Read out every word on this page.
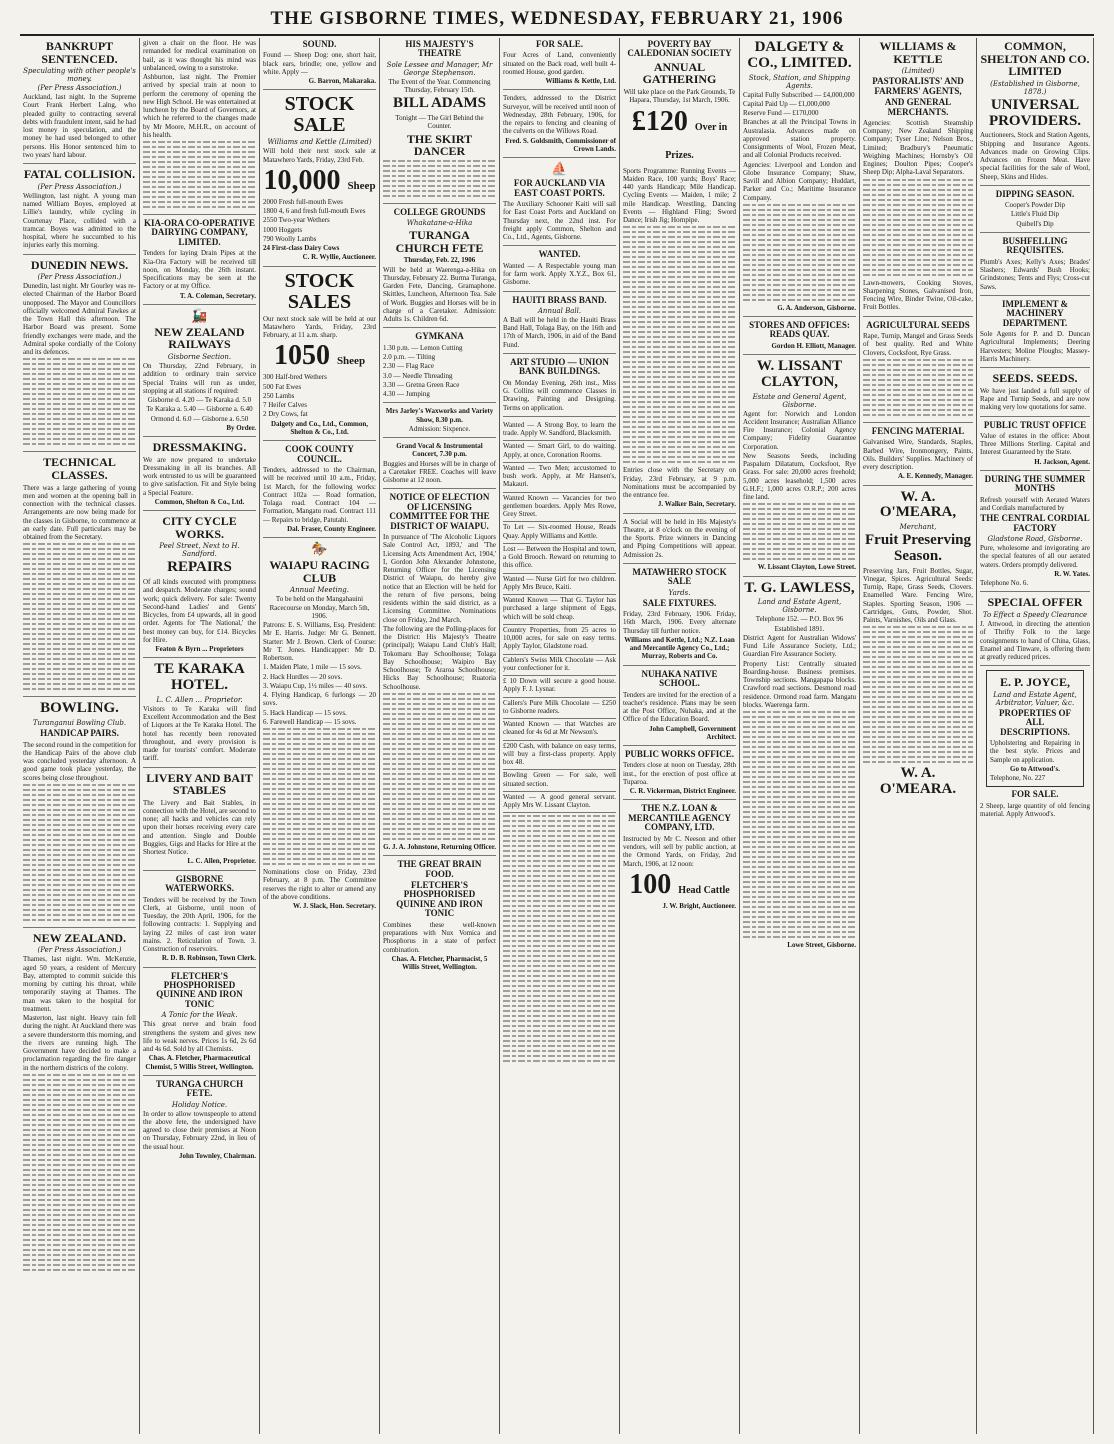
THE GISBORNE TIMES, WEDNESDAY, FEBRUARY 21, 1906
BANKRUPT SENTENCED.
Speculating with other people's money.
(Per Press Association.)
Auckland, last night. In the Supreme Court Frank Herbert Lalng, who pleaded guilty to contracting several debts with fraudulent intent, said he had lost money in speculation, and the money he had used belonged to other persons. His Honor sentenced him to two years' hard labour.
FATAL COLLISION.
(Per Press Association.)
Wellington, last night. A young man named William Boyes, employed at Lillie's laundry, while cycling in Courtenay Place, collided with a tramcar. Boyes was admitted to the hospital, where he succumbed to his injuries early this morning.
DUNEDIN NEWS.
(Per Press Association.)
Dunedin, last night. Mr Gourley was re-elected Chairman of the Harbor Board unopposed. The Mayor and Councillors officially welcomed Admiral Fawkes at the Town Hall this afternoon. The Harbor Board was present. Some friendly exchanges were made, and the Admiral spoke cordially of the Colony and its defences.
TECHNICAL CLASSES.
There was a large gathering of young men and women at the opening ball in connection with the technical classes. Arrangements are now being made for the classes in Gisborne, to commence at an early date. Full particulars may be obtained from the Secretary.
BOWLING.
Turanganui Bowling Club.
HANDICAP PAIRS.
The second round in the competition for the Handicap Pairs of the above club was concluded yesterday afternoon. A good game took place yesterday, the scores being close throughout.
NEW ZEALAND.
(Per Press Association.)
Thames, last night. Wm. McKenzie, aged 50 years, a resident of Mercury Bay, attempted to commit suicide this morning by cutting his throat, while temporarily staying at Thames. The man was taken to the hospital for treatment.
Masterton, last night. Heavy rain fell during the night. At Auckland there was a severe thunderstorm this morning, and the rivers are running high. The Government have decided to make a proclamation regarding the fire danger in the northern districts of the colony.
given a chair on the floor. He was remanded for medical examination on bail, as it was thought his mind was unbalanced, owing to a sunstroke.
Ashburton, last night. The Premier arrived by special train at noon to perform the ceremony of opening the new High School. He was entertained at luncheon by the Board of Governors, at which he referred to the changes made by Mr Moore, M.H.R., on account of his health.
KIA-ORA CO-OPERATIVE DAIRYING COMPANY, LIMITED.
Tenders for laying Drain Pipes at the Kia-Ora Factory will be received till noon, on Monday, the 26th instant. Specifications may be seen at the Factory or at my Office.
T. A. Coleman, Secretary.
🚂
NEW ZEALAND RAILWAYS
Gisborne Section.
On Thursday, 22nd February, in addition to ordinary train service Special Trains will run as under, stopping at all stations if required:
Gisborne d. 4.20 — Te Karaka d. 5.0
Te Karaka a. 5.40 — Gisborne a. 6.40
Ormond d. 6.0 — Gisborne a. 6.50
By Order.
DRESSMAKING.
We are now prepared to undertake Dressmaking in all its branches. All work entrusted to us will be guaranteed to give satisfaction. Fit and Style being a Special Feature.
Common, Shelton & Co., Ltd.
CITY CYCLE WORKS.
Peel Street, Next to H. Sandford.
REPAIRS
Of all kinds executed with promptness and despatch. Moderate charges; sound work; quick delivery. For sale: Twenty Second-hand Ladies' and Gents' Bicycles, from £4 upwards, all in good order. Agents for 'The National,' the best money can buy, for £14. Bicycles for Hire.
Featon & Byrn ... Proprietors
TE KARAKA HOTEL.
L. C. Allen ... Proprietor.
Visitors to Te Karaka will find Excellent Accommodation and the Best of Liquors at the Te Karaka Hotel. The hotel has recently been renovated throughout, and every provision is made for tourists' comfort. Moderate tariff.
LIVERY AND BAIT STABLES
The Livery and Bait Stables, in connection with the Hotel, are second to none; all hacks and vehicles can rely upon their horses receiving every care and attention. Single and Double Buggies, Gigs and Hacks for Hire at the Shortest Notice.
L. C. Allen, Proprietor.
GISBORNE WATERWORKS.
Tenders will be received by the Town Clerk, at Gisborne, until noon of Tuesday, the 20th April, 1906, for the following contracts: 1. Supplying and laying 22 miles of cast iron water mains. 2. Reticulation of Town. 3. Construction of reservoirs.
R. D. B. Robinson, Town Clerk.
FLETCHER'S PHOSPHORISED QUININE AND IRON TONIC
A Tonic for the Weak.
This great nerve and brain food strengthens the system and gives new life to weak nerves. Prices 1s 6d, 2s 6d and 4s 6d. Sold by all Chemists.
Chas. A. Fletcher, Pharmaceutical Chemist, 5 Willis Street, Wellington.
TURANGA CHURCH FETE.
Holiday Notice.
In order to allow townspeople to attend the above fete, the undersigned have agreed to close their premises at Noon on Thursday, February 22nd, in lieu of the usual hour.
John Townley, Chairman.
SOUND.
Found — Sheep Dog: one, short hair, black ears, brindle; one, yellow and white. Apply —
G. Barron, Makaraka.
STOCK SALE
Williams and Kettle (Limited)
Will hold their next stock sale at Matawhero Yards, Friday, 23rd Feb.
10,000 Sheep
2000 Fresh full-mouth Ewes
1800 4, 6 and fresh full-mouth Ewes
2550 Two-year Wethers
1000 Hoggets
790 Woolly Lambs
24 First-class Dairy Cows
C. R. Wyllie, Auctioneer.
STOCK SALES
Our next stock sale will be held at our Matawhero Yards, Friday, 23rd February, at 11 a.m. sharp.
1050 Sheep
300 Half-bred Wethers
500 Fat Ewes
250 Lambs
7 Heifer Calves
2 Dry Cows, fat
Dalgety and Co., Ltd., Common, Shelton & Co., Ltd.
COOK COUNTY COUNCIL.
Tenders, addressed to the Chairman, will be received until 10 a.m., Friday, 1st March, for the following works: Contract 102a — Road formation, Tolaga road. Contract 104 — Formation, Mangatu road. Contract 111 — Repairs to bridge, Patutahi.
Dal. Fraser, County Engineer.
🏇
WAIAPU RACING CLUB
Annual Meeting.
To be held on the Mangahauini Racecourse on Monday, March 5th, 1906.
Patrons: E. S. Williams, Esq. President: Mr E. Harris. Judge: Mr G. Bennett. Starter: Mr J. Brown. Clerk of Course: Mr T. Jones. Handicapper: Mr D. Robertson.
1. Maiden Plate, 1 mile — 15 sovs.
2. Hack Hurdles — 20 sovs.
3. Waiapu Cup, 1½ miles — 40 sovs.
4. Flying Handicap, 6 furlongs — 20 sovs.
5. Hack Handicap — 15 sovs.
6. Farewell Handicap — 15 sovs.
Nominations close on Friday, 23rd February, at 8 p.m. The Committee reserves the right to alter or amend any of the above conditions.
W. J. Slack, Hon. Secretary.
HIS MAJESTY'S THEATRE
Sole Lessee and Manager, Mr George Stephenson.
The Event of the Year. Commencing Thursday, February 15th.
BILL ADAMS
Tonight — The Girl Behind the Counter.
THE SKIRT DANCER
COLLEGE GROUNDS
Whakatane-a-Hika
TURANGA CHURCH FETE
Thursday, Feb. 22, 1906
Will be held at Waerenga-a-Hika on Thursday, February 22. Burma Turanga, Garden Fete, Dancing, Gramaphone. Skittles, Luncheon, Afternoon Tea. Sale of Work. Buggies and Horses will be in charge of a Caretaker. Admission: Adults 1s. Children 6d.
GYMKANA
1.30 p.m. — Lemon Cutting
2.0 p.m. — Tilting
2.30 — Flag Race
3.0 — Needle Threading
3.30 — Gretna Green Race
4.30 — Jumping
Mrs Jarley's Waxworks and Variety Show, 8.30 p.m.
Admission: Sixpence.
Grand Vocal & Instrumental Concert, 7.30 p.m.
Buggies and Horses will be in charge of a Caretaker FREE. Coaches will leave Gisborne at 12 noon.
NOTICE OF ELECTION OF LICENSING COMMITTEE FOR THE DISTRICT OF WAIAPU.
In pursuance of 'The Alcoholic Liquors Sale Control Act, 1893,' and 'The Licensing Acts Amendment Act, 1904,' I, Gordon John Alexander Johnstone, Returning Officer for the Licensing District of Waiapu, do hereby give notice that an Election will be held for the return of five persons, being residents within the said district, as a Licensing Committee. Nominations close on Friday, 2nd March.
The following are the Polling-places for the District: His Majesty's Theatre (principal); Waiapu Land Club's Hall; Tokomaru Bay Schoolhouse; Tolaga Bay Schoolhouse; Waipiro Bay Schoolhouse; Te Araroa Schoolhouse; Hicks Bay Schoolhouse; Ruatoria Schoolhouse.
G. J. A. Johnstone, Returning Officer.
THE GREAT BRAIN FOOD.
FLETCHER'S PHOSPHORISED QUININE AND IRON TONIC
Combines these well-known preparations with Nux Vomica and Phosphorus in a state of perfect combination.
Chas. A. Fletcher, Pharmacist, 5 Willis Street, Wellington.
FOR SALE.
Four Acres of Land, conveniently situated on the Back road, well built 4-roomed House, good garden.
Williams & Kettle, Ltd.
Tenders, addressed to the District Surveyor, will be received until noon of Wednesday, 28th February, 1906, for the repairs to fencing and cleaning of the culverts on the Willows Road.
Fred. S. Goldsmith, Commissioner of Crown Lands.
⛵
FOR AUCKLAND VIA EAST COAST PORTS.
The Auxiliary Schooner Kaiti will sail for East Coast Ports and Auckland on Thursday next, the 22nd inst. For freight apply Common, Shelton and Co., Ltd., Agents, Gisborne.
WANTED.
Wanted — A Respectable young man for farm work. Apply X.Y.Z., Box 61, Gisborne.
HAUITI BRASS BAND.
Annual Ball.
A Ball will be held in the Hauiti Brass Band Hall, Tolaga Bay, on the 16th and 17th of March, 1906, in aid of the Band Fund.
ART STUDIO — UNION BANK BUILDINGS.
On Monday Evening, 26th inst., Miss G. Collins will commence Classes in Drawing, Painting and Designing. Terms on application.
Wanted — A Strong Boy, to learn the trade. Apply W. Sandford, Blacksmith.
Wanted — Smart Girl, to do waiting. Apply, at once, Coronation Rooms.
Wanted — Two Men; accustomed to bush work. Apply, at Mr Hansen's, Makauri.
Wanted Known — Vacancies for two gentlemen boarders. Apply Mrs Rowe, Grey Street.
To Let — Six-roomed House, Reads Quay. Apply Williams and Kettle.
Lost — Between the Hospital and town, a Gold Brooch. Reward on returning to this office.
Wanted — Nurse Girl for two children. Apply Mrs Bruce, Kaiti.
Wanted Known — That G. Taylor has purchased a large shipment of Eggs, which will be sold cheap.
Country Properties, from 25 acres to 10,000 acres, for sale on easy terms. Apply Taylor, Gladstone road.
Cablers's Swiss Milk Chocolate — Ask your confectioner for it.
£ 10 Down will secure a good house. Apply F. J. Lysnar.
Callers's Pure Milk Chocolate — £250 to Gisborne readers.
Wanted Known — that Watches are cleaned for 4s 6d at Mr Newson's.
£200 Cash, with balance on easy terms, will buy a first-class property. Apply box 48.
Bowling Green — For sale, well situated section.
Wanted — A good general servant. Apply Mrs W. Lissant Clayton.
POVERTY BAY CALEDONIAN SOCIETY
ANNUAL GATHERING
Will take place on the Park Grounds, Te Hapara, Thursday, 1st March, 1906.
£120 Over in Prizes.
Sports Programme: Running Events — Maiden Race, 100 yards; Boys' Race; 440 yards Handicap; Mile Handicap. Cycling Events — Maiden, 1 mile; 2 mile Handicap. Wrestling, Dancing Events — Highland Fling; Sword Dance; Irish Jig; Hornpipe.
Entries close with the Secretary on Friday, 23rd February, at 9 p.m. Nominations must be accompanied by the entrance fee.
J. Walker Bain, Secretary.
A Social will be held in His Majesty's Theatre, at 8 o'clock on the evening of the Sports. Prize winners in Dancing and Piping Competitions will appear. Admission 2s.
MATAWHERO STOCK SALE
Yards.
SALE FIXTURES.
Friday, 23rd February, 1906. Friday, 16th March, 1906. Every alternate Thursday till further notice.
Williams and Kettle, Ltd.; N.Z. Loan and Mercantile Agency Co., Ltd.; Murray, Roberts and Co.
NUHAKA NATIVE SCHOOL.
Tenders are invited for the erection of a teacher's residence. Plans may be seen at the Post Office, Nuhaka, and at the Office of the Education Board.
John Campbell, Government Architect.
PUBLIC WORKS OFFICE.
Tenders close at noon on Tuesday, 28th inst., for the erection of post office at Tuparoa.
C. R. Vickerman, District Engineer.
THE N.Z. LOAN & MERCANTILE AGENCY COMPANY, LTD.
Instructed by Mr C. Neeson and other vendors, will sell by public auction, at the Ormond Yards, on Friday, 2nd March, 1906, at 12 noon:
100 Head Cattle
J. W. Bright, Auctioneer.
DALGETY & CO., LIMITED.
Stock, Station, and Shipping Agents.
Capital Fully Subscribed — £4,000,000
Capital Paid Up — £1,000,000
Reserve Fund — £170,000
Branches at all the Principal Towns in Australasia. Advances made on approved station property. Consignments of Wool, Frozen Meat, and all Colonial Products received.
Agencies: Liverpool and London and Globe Insurance Company; Shaw, Savill and Albion Company; Huddart, Parker and Co.; Maritime Insurance Company.
G. A. Anderson, Gisborne.
STORES AND OFFICES: READS QUAY.
Gordon H. Elliott, Manager.
W. LISSANT CLAYTON,
Estate and General Agent, Gisborne.
Agent for: Norwich and London Accident Insurance; Australian Alliance Fire Insurance; Colonial Agency Company; Fidelity Guarantee Corporation.
New Seasons Seeds, including Paspalum Dilatatum, Cocksfoot, Rye Grass. For sale: 20,000 acres freehold; 5,000 acres leasehold; 1,500 acres G.H.F.; 1,000 acres O.R.P.; 200 acres fine land.
W. Lissant Clayton, Lowe Street.
T. G. LAWLESS,
Land and Estate Agent, Gisborne.
Telephone 152. — P.O. Box 96
Established 1891.
District Agent for Australian Widows' Fund Life Assurance Society, Ltd.; Guardian Fire Assurance Society.
Property List: Centrally situated Boarding-house. Business premises. Township sections. Mangapapa blocks. Crawford road sections. Desmond road residence. Ormond road farm. Mangatu blocks. Waerenga farm.
Lowe Street, Gisborne.
WILLIAMS & KETTLE
(Limited)
PASTORALISTS' AND FARMERS' AGENTS,
AND GENERAL MERCHANTS.
Agencies: Scottish Steamship Company; New Zealand Shipping Company; Tyser Line; Nelson Bros., Limited; Bradbury's Pneumatic Weighing Machines; Hornsby's Oil Engines; Doulton Pipes; Cooper's Sheep Dip; Alpha-Laval Separators.
Lawn-mowers, Cooking Stoves, Sharpening Stones, Galvanised Iron, Fencing Wire, Binder Twine, Oil-cake, Fruit Bottles.
AGRICULTURAL SEEDS
Rape, Turnip, Mangel and Grass Seeds of best quality. Red and White Clovers, Cocksfoot, Rye Grass.
FENCING MATERIAL
Galvanised Wire, Standards, Staples, Barbed Wire, Ironmongery, Paints, Oils. Builders' Supplies. Machinery of every description.
A. E. Kennedy, Manager.
W. A. O'MEARA,
Merchant,
Fruit Preserving Season.
Preserving Jars, Fruit Bottles, Sugar, Vinegar, Spices. Agricultural Seeds: Turnip, Rape, Grass Seeds, Clovers. Enamelled Ware. Fencing Wire, Staples. Sporting Season, 1906 — Cartridges, Guns, Powder, Shot. Paints, Varnishes, Oils and Glass.
W. A. O'MEARA.
COMMON, SHELTON AND CO. LIMITED
(Established in Gisborne, 1878.)
UNIVERSAL PROVIDERS.
Auctioneers, Stock and Station Agents, Shipping and Insurance Agents. Advances made on Growing Clips. Advances on Frozen Meat. Have special facilities for the sale of Wool, Sheep, Skins and Hides.
DIPPING SEASON.
Cooper's Powder Dip
Little's Fluid Dip
Quibell's Dip
BUSHFELLING REQUISITES.
Plumb's Axes; Kelly's Axes; Brades' Slashers; Edwards' Bush Hooks; Grindstones; Tents and Flys; Cross-cut Saws.
IMPLEMENT & MACHINERY DEPARTMENT.
Sole Agents for P. and D. Duncan Agricultural Implements; Deering Harvesters; Moline Ploughs; Massey-Harris Machinery.
SEEDS. SEEDS.
We have just landed a full supply of Rape and Turnip Seeds, and are now making very low quotations for same.
PUBLIC TRUST OFFICE
Value of estates in the office: About Three Millions Sterling. Capital and Interest Guaranteed by the State.
H. Jackson, Agent.
DURING THE SUMMER MONTHS
Refresh yourself with Aerated Waters and Cordials manufactured by
THE CENTRAL CORDIAL FACTORY
Gladstone Road, Gisborne.
Pure, wholesome and invigorating are the special features of all our aerated waters. Orders promptly delivered.
R. W. Yates.
Telephone No. 6.
SPECIAL OFFER
To Effect a Speedy Clearance
J. Attwood, in directing the attention of Thrifty Folk to the large consignments to hand of China, Glass, Enamel and Tinware, is offering them at greatly reduced prices.
E. P. JOYCE,
Land and Estate Agent, Arbitrator, Valuer, &c.
PROPERTIES OF ALL DESCRIPTIONS.
Upholstering and Repairing in the best style. Prices and Sample on application.
Go to Attwood's.
Telephone, No. 227
FOR SALE.
2 Sheep, large quantity of old fencing material. Apply Attwood's.
